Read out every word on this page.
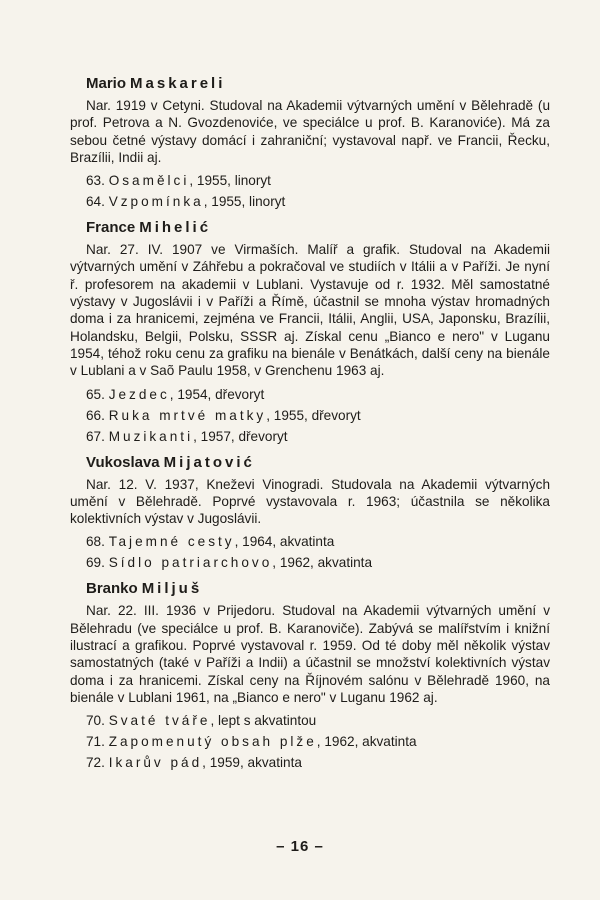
Mario Maskareli

Nar. 1919 v Cetyni. Studoval na Akademii výtvarných umění v Bělehradě (u prof. Petrova a N. Gvozdenoviće, ve speciálce u prof. B. Karanoviće). Má za sebou četné výstavy domácí i zahraniční; vystavoval např. ve Francii, Řecku, Brazílii, Indii aj.

63. Osamělci, 1955, linoryt
64. Vzpomínka, 1955, linoryt
France Mihelić

Nar. 27. IV. 1907 ve Virmaších. Malíř a grafik. Studoval na Akademii výtvarných umění v Záhřebu a pokračoval ve studiích v Itálii a v Paříži. Je nyní ř. profesorem na akademii v Lublani. Vystavuje od r. 1932. Měl samostatné výstavy v Jugoslávii i v Paříži a Římě, účastnil se mnoha výstav hromadných doma i za hranicemi, zejména ve Francii, Itálii, Anglii, USA, Japonsku, Brazílii, Holandsku, Belgii, Polsku, SSSR aj. Získal cenu „Bianco e nero" v Luganu 1954, téhož roku cenu za grafiku na bienále v Benátkách, další ceny na bienále v Lublani a v Saõ Paulu 1958, v Grenchenu 1963 aj.

65. Jezdec, 1954, dřevoryt
66. Ruka mrtvé matky, 1955, dřevoryt
67. Muzikanti, 1957, dřevoryt
Vukoslava Mijatović

Nar. 12. V. 1937, Kneževi Vinogradi. Studovala na Akademii výtvarných umění v Bělehradě. Poprvé vystavovala r. 1963; účastnila se několika kolektivních výstav v Jugoslávii.

68. Tajemné cesty, 1964, akvatinta
69. Sídlo patriarchovo, 1962, akvatinta
Branko Miljuš

Nar. 22. III. 1936 v Prijedoru. Studoval na Akademii výtvarných umění v Bělehradu (ve speciálce u prof. B. Karanoviče). Zabývá se malířstvím i knižní ilustrací a grafikou. Poprvé vystavoval r. 1959. Od té doby měl několik výstav samostatných (také v Paříži a Indii) a účastnil se množství kolektivních výstav doma i za hranicemi. Získal ceny na Říjnovém salónu v Bělehradě 1960, na bienále v Lublani 1961, na „Bianco e nero" v Luganu 1962 aj.

70. Svaté tváře, lept s akvatintou
71. Zapomenutý obsah plže, 1962, akvatinta
72. Ikarův pád, 1959, akvatinta
– 16 –
